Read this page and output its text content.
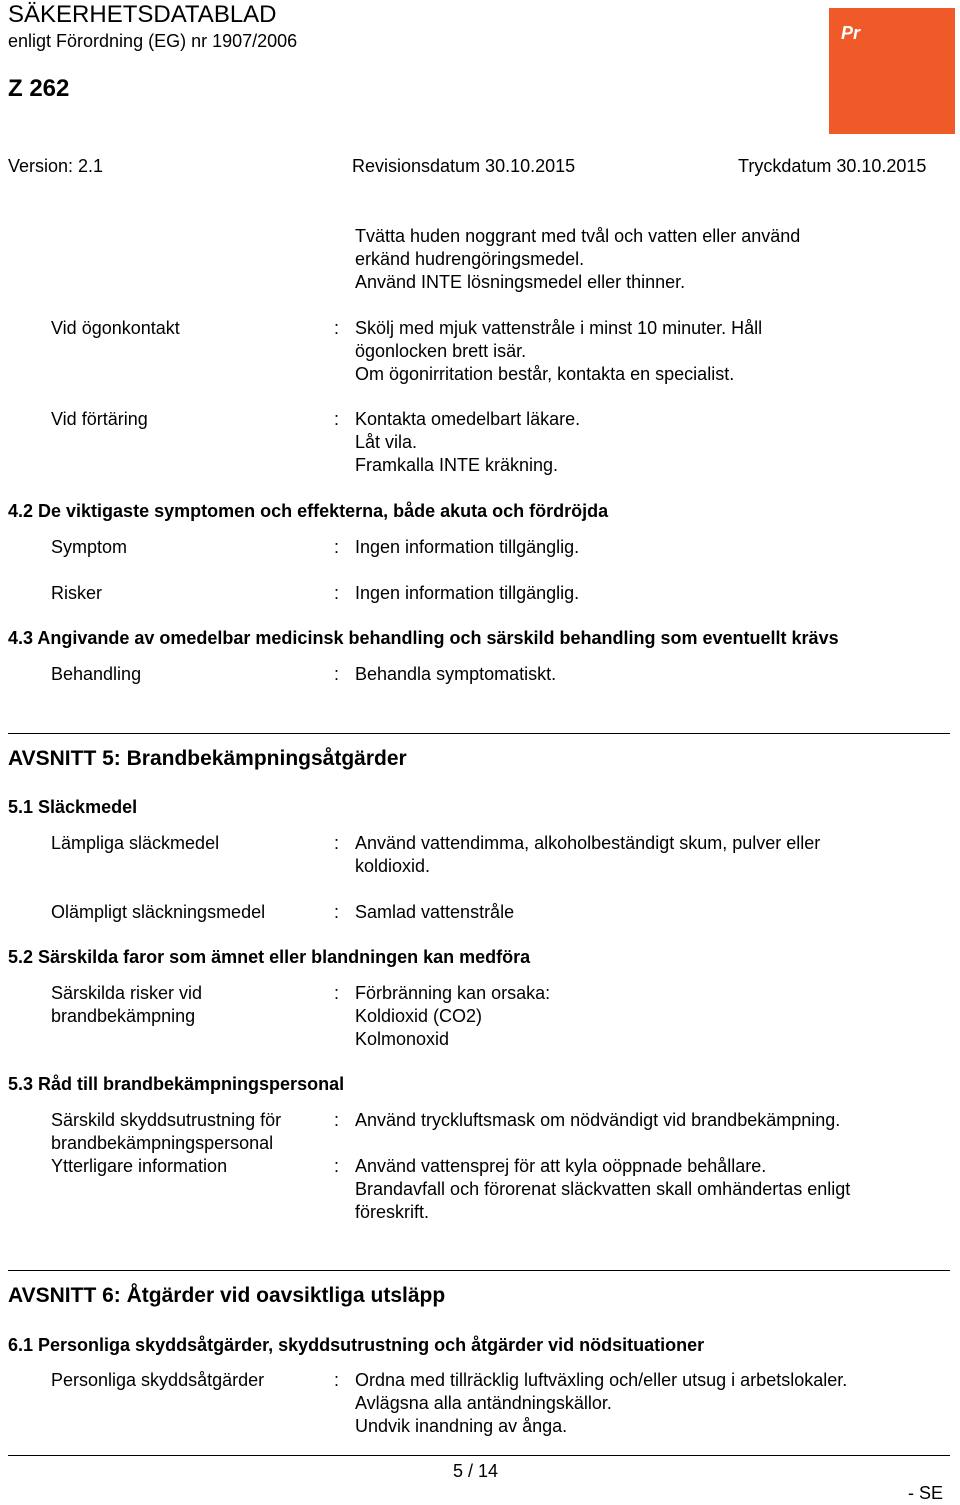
SÄKERHETSDATABLAD
enligt Förordning (EG) nr 1907/2006
Z 262
Pr
Version: 2.1	Revisionsdatum 30.10.2015	Tryckdatum 30.10.2015
Tvätta huden noggrant med tvål och vatten eller använd
erkänd hudrengöringsmedel.
Använd INTE lösningsmedel eller thinner.
Vid ögonkontakt	: Skölj med mjuk vattenstråle i minst 10 minuter. Håll
ögonlocken brett isär.
Om ögonirritation består, kontakta en specialist.
Vid förtäring	: Kontakta omedelbart läkare.
Låt vila.
Framkalla INTE kräkning.
4.2 De viktigaste symptomen och effekterna, både akuta och fördröjda
Symptom	: Ingen information tillgänglig.
Risker	: Ingen information tillgänglig.
4.3 Angivande av omedelbar medicinsk behandling och särskild behandling som eventuellt krävs
Behandling	: Behandla symptomatiskt.
AVSNITT 5: Brandbekämpningsåtgärder
5.1 Släckmedel
Lämpliga släckmedel	: Använd vattendimma, alkoholbeständigt skum, pulver eller
koldioxid.
Olämpligt släckningsmedel	: Samlad vattenstråle
5.2 Särskilda faror som ämnet eller blandningen kan medföra
Särskilda risker vid
brandbekämpning
: Förbränning kan orsaka:
Koldioxid (CO2)
Kolmonoxid
5.3 Råd till brandbekämpningspersonal
Särskild skyddsutrustning för
brandbekämpningspersonal
: Använd tryckluftsmask om nödvändigt vid brandbekämpning.
Ytterligare information	: Använd vattensprej för att kyla oöppnade behållare.
Brandavfall och förorenat släckvatten skall omhändertas enligt
föreskrift.
AVSNITT 6: Åtgärder vid oavsiktliga utsläpp
6.1 Personliga skyddsåtgärder, skyddsutrustning och åtgärder vid nödsituationer
Personliga skyddsåtgärder	: Ordna med tillräcklig luftväxling och/eller utsug i arbetslokaler.
Avlägsna alla antändningskällor.
Undvik inandning av ånga.
5 / 14
- SE
